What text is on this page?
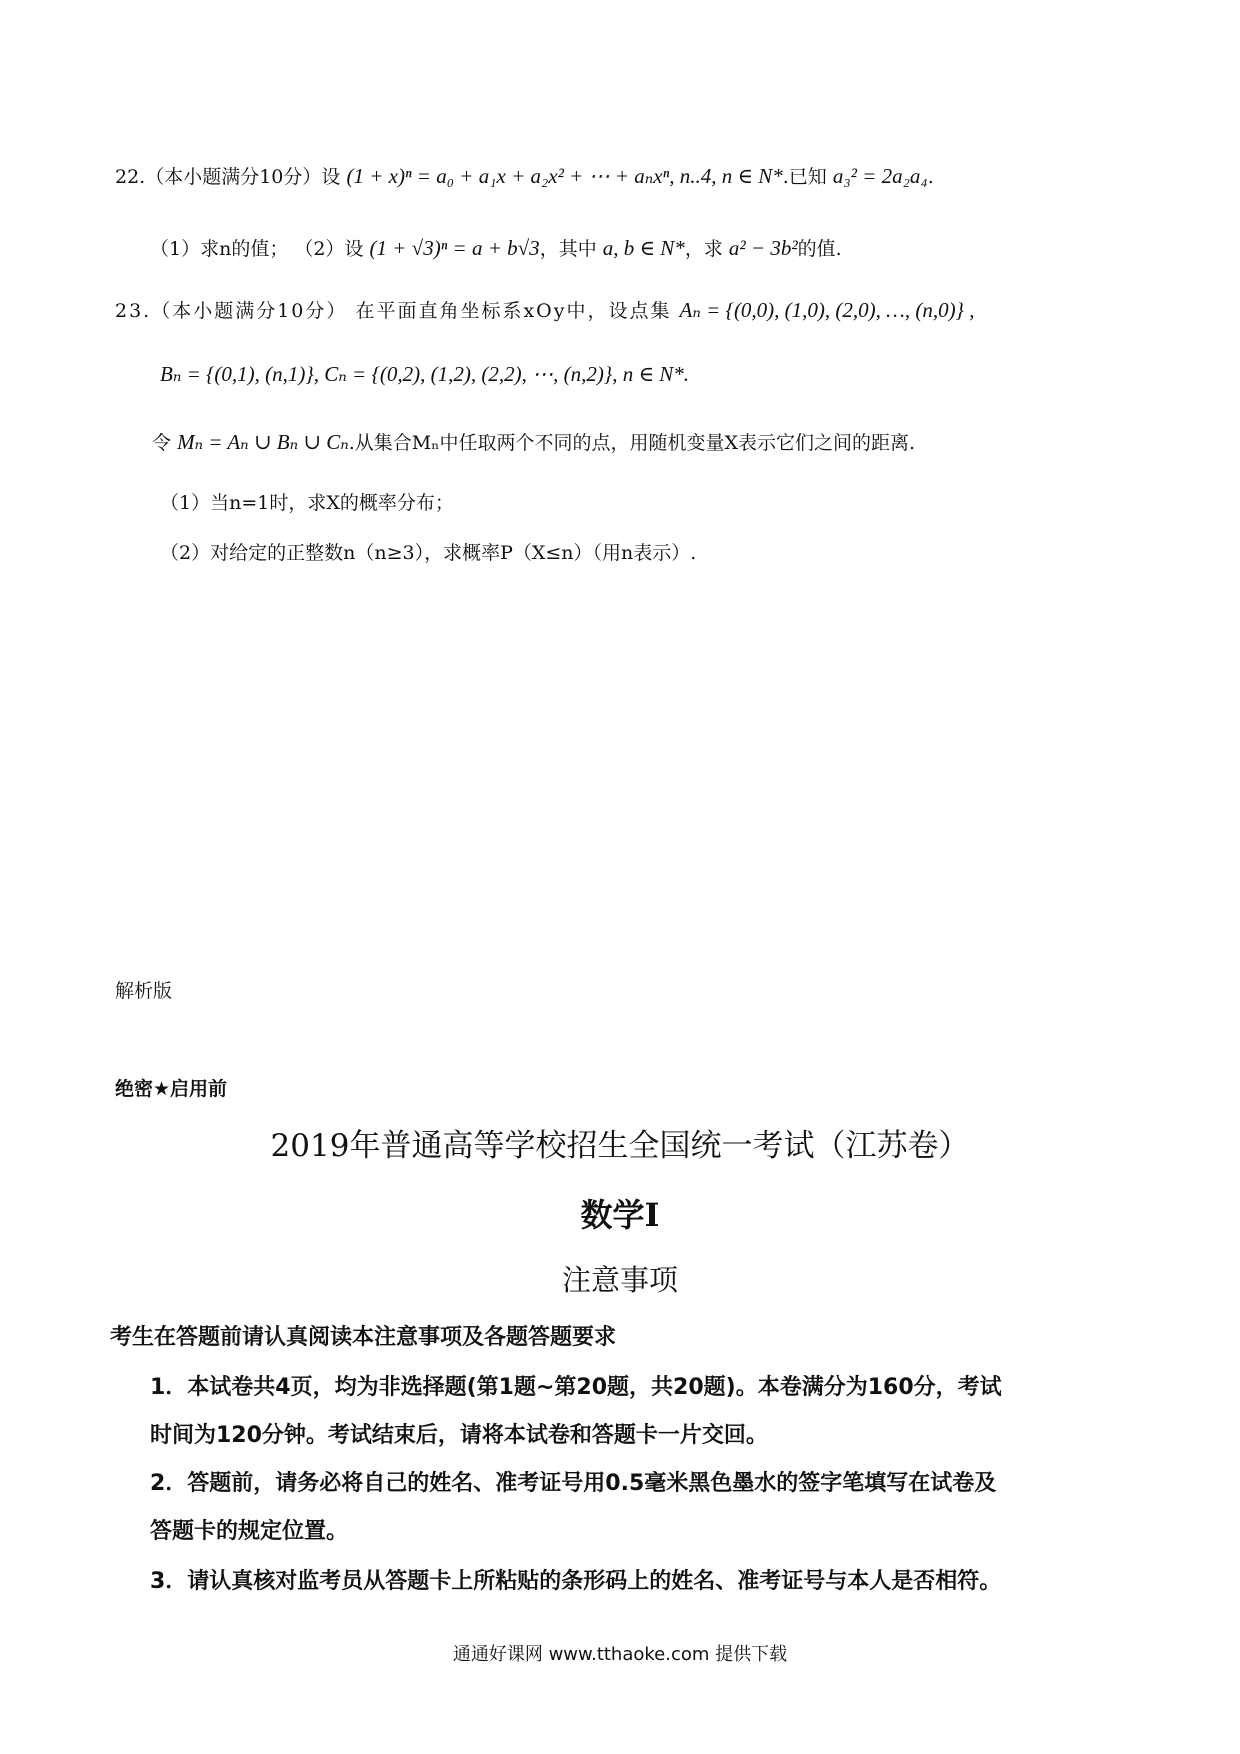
22.（本小题满分10分）设 (1 + x)ⁿ = a₀ + a₁x + a₂x² + ⋯ + aₙxⁿ, n..4, n ∈ N*.已知 a₃² = 2a₂a₄.
（1）求n的值； （2）设 (1 + √3)ⁿ = a + b√3，其中 a, b ∈ N*，求 a² − 3b²的值.
23.（本小题满分10分） 在平面直角坐标系xOy中，设点集 Aₙ = {(0,0), (1,0), (2,0), …, (n,0)} ,
Bₙ = {(0,1), (n,1)}, Cₙ = {(0,2), (1,2), (2,2), ⋯, (n,2)}, n ∈ N*.
令 Mₙ = Aₙ ∪ Bₙ ∪ Cₙ.从集合Mₙ中任取两个不同的点，用随机变量X表示它们之间的距离.
（1）当n=1时，求X的概率分布；
（2）对给定的正整数n（n≥3），求概率P（X≤n）（用n表示）.
解析版
绝密★启用前
2019年普通高等学校招生全国统一考试（江苏卷）
数学Ⅰ
注意事项
考生在答题前请认真阅读本注意事项及各题答题要求
1．本试卷共4页，均为非选择题(第1题~第20题，共20题)。本卷满分为160分，考试
时间为120分钟。考试结束后，请将本试卷和答题卡一片交回。
2．答题前，请务必将自己的姓名、准考证号用0.5毫米黑色墨水的签字笔填写在试卷及
答题卡的规定位置。
3．请认真核对监考员从答题卡上所粘贴的条形码上的姓名、准考证号与本人是否相符。
通通好课网 www.tthaoke.com 提供下载
